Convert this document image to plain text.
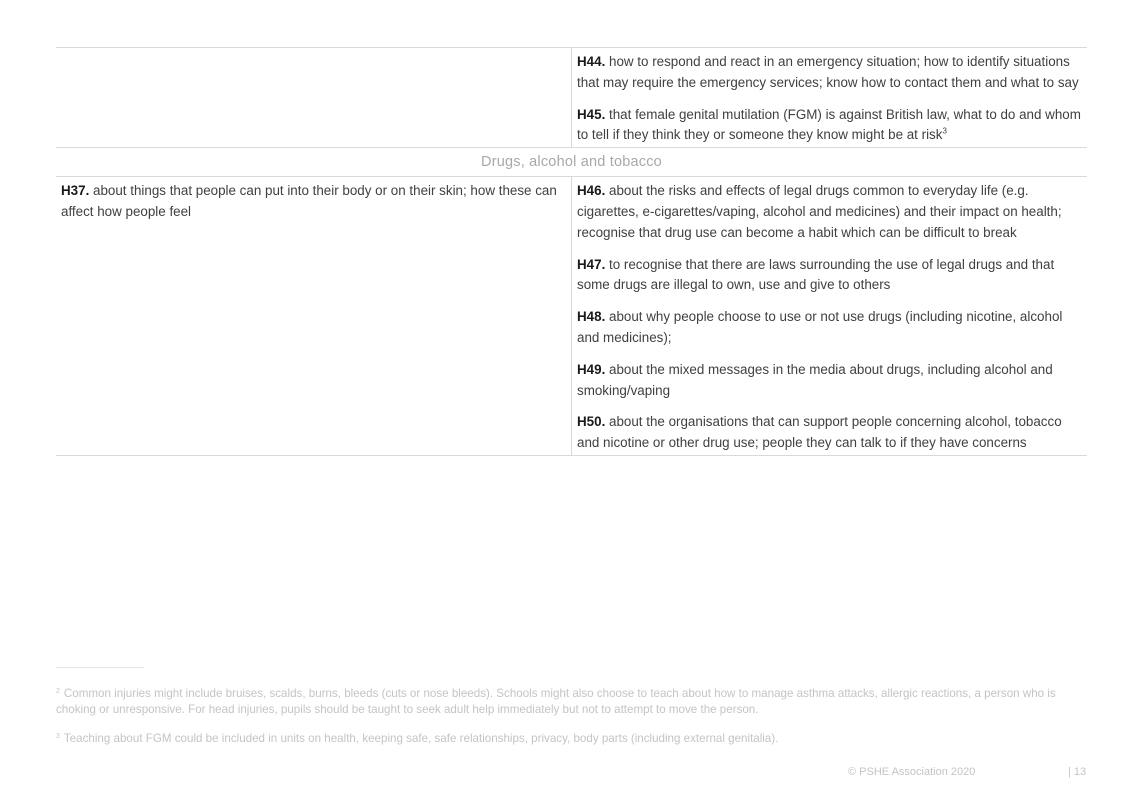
H44. how to respond and react in an emergency situation; how to identify situations that may require the emergency services; know how to contact them and what to say

H45. that female genital mutilation (FGM) is against British law, what to do and whom to tell if they think they or someone they know might be at risk$^3$

Drugs, alcohol and tobacco

H37. about things that people can put into their body or on their skin; how these can affect how people feel

H46. about the risks and effects of legal drugs common to everyday life (e.g. cigarettes, e-cigarettes/vaping, alcohol and medicines) and their impact on health; recognise that drug use can become a habit which can be difficult to break

H47. to recognise that there are laws surrounding the use of legal drugs and that some drugs are illegal to own, use and give to others

H48. about why people choose to use or not use drugs (including nicotine, alcohol and medicines);

H49. about the mixed messages in the media about drugs, including alcohol and smoking/vaping

H50. about the organisations that can support people concerning alcohol, tobacco and nicotine or other drug use; people they can talk to if they have concerns

$^2$ Common injuries might include bruises, scalds, burns, bleeds (cuts or nose bleeds). Schools might also choose to teach about how to manage asthma attacks, allergic reactions, a person who is choking or unresponsive. For head injuries, pupils should be taught to seek adult help immediately but not to attempt to move the person.
$^3$ Teaching about FGM could be included in units on health, keeping safe, safe relationships, privacy, body parts (including external genitalia).
© PSHE Association 2020	| 13
